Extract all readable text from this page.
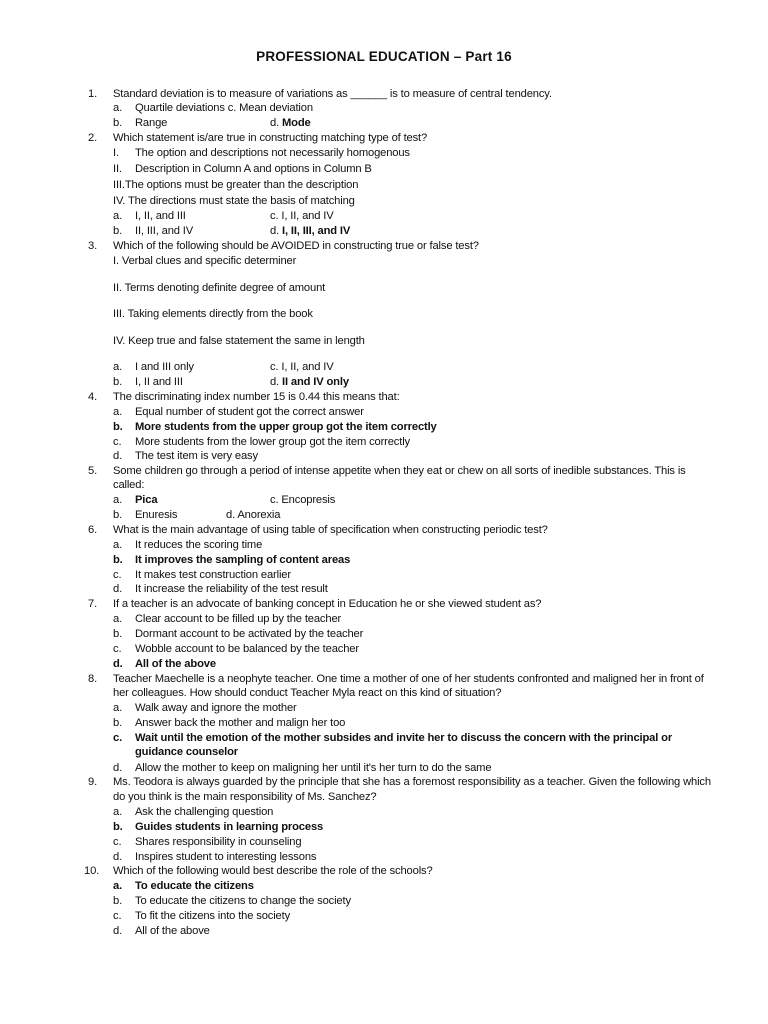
PROFESSIONAL EDUCATION – Part 16
1.	Standard deviation is to measure of variations as ______ is to measure of central tendency.
a. Quartile deviations c. Mean deviation
b. Range	d. Mode
2.	Which statement is/are true in constructing matching type of test?
I. The option and descriptions not necessarily homogenous
II. Description in Column A and options in Column B
III.The options must be greater than the description
IV. The directions must state the basis of matching
a. I, II, and III	c. I, II, and IV
b. II, III, and IV	d. I, II, III, and IV
3.	Which of the following should be AVOIDED in constructing true or false test?
I. Verbal clues and specific determiner
II. Terms denoting definite degree of amount
III. Taking elements directly from the book
IV. Keep true and false statement the same in length
a. I and III only	c. I, II, and IV
b. I, II and III	d. II and IV only
4.	The discriminating index number 15 is 0.44 this means that:
a. Equal number of student got the correct answer
b. More students from the upper group got the item correctly
c. More students from the lower group got the item correctly
d. The test item is very easy
5.	Some children go through a period of intense appetite when they eat or chew on all sorts of inedible substances. This is
called:
a. Pica	c. Encopresis
b. Enuresis	d. Anorexia
6.	What is the main advantage of using table of specification when constructing periodic test?
a. It reduces the scoring time
b. It improves the sampling of content areas
c. It makes test construction earlier
d. It increase the reliability of the test result
7.	If a teacher is an advocate of banking concept in Education he or she viewed student as?
a. Clear account to be filled up by the teacher
b. Dormant account to be activated by the teacher
c. Wobble account to be balanced by the teacher
d. All of the above
8.	Teacher Maechelle is a neophyte teacher. One time a mother of one of her students confronted and maligned her in front of
her colleagues. How should conduct Teacher Myla react on this kind of situation?
a. Walk away and ignore the mother
b. Answer back the mother and malign her too
c. Wait until the emotion of the mother subsides and invite her to discuss the concern with the principal or
guidance counselor
d. Allow the mother to keep on maligning her until it's her turn to do the same
9.	Ms. Teodora is always guarded by the principle that she has a foremost responsibility as a teacher. Given the following which
do you think is the main responsibility of Ms. Sanchez?
a. Ask the challenging question
b. Guides students in learning process
c. Shares responsibility in counseling
d. Inspires student to interesting lessons
10.	Which of the following would best describe the role of the schools?
a. To educate the citizens
b. To educate the citizens to change the society
c. To fit the citizens into the society
d. All of the above
